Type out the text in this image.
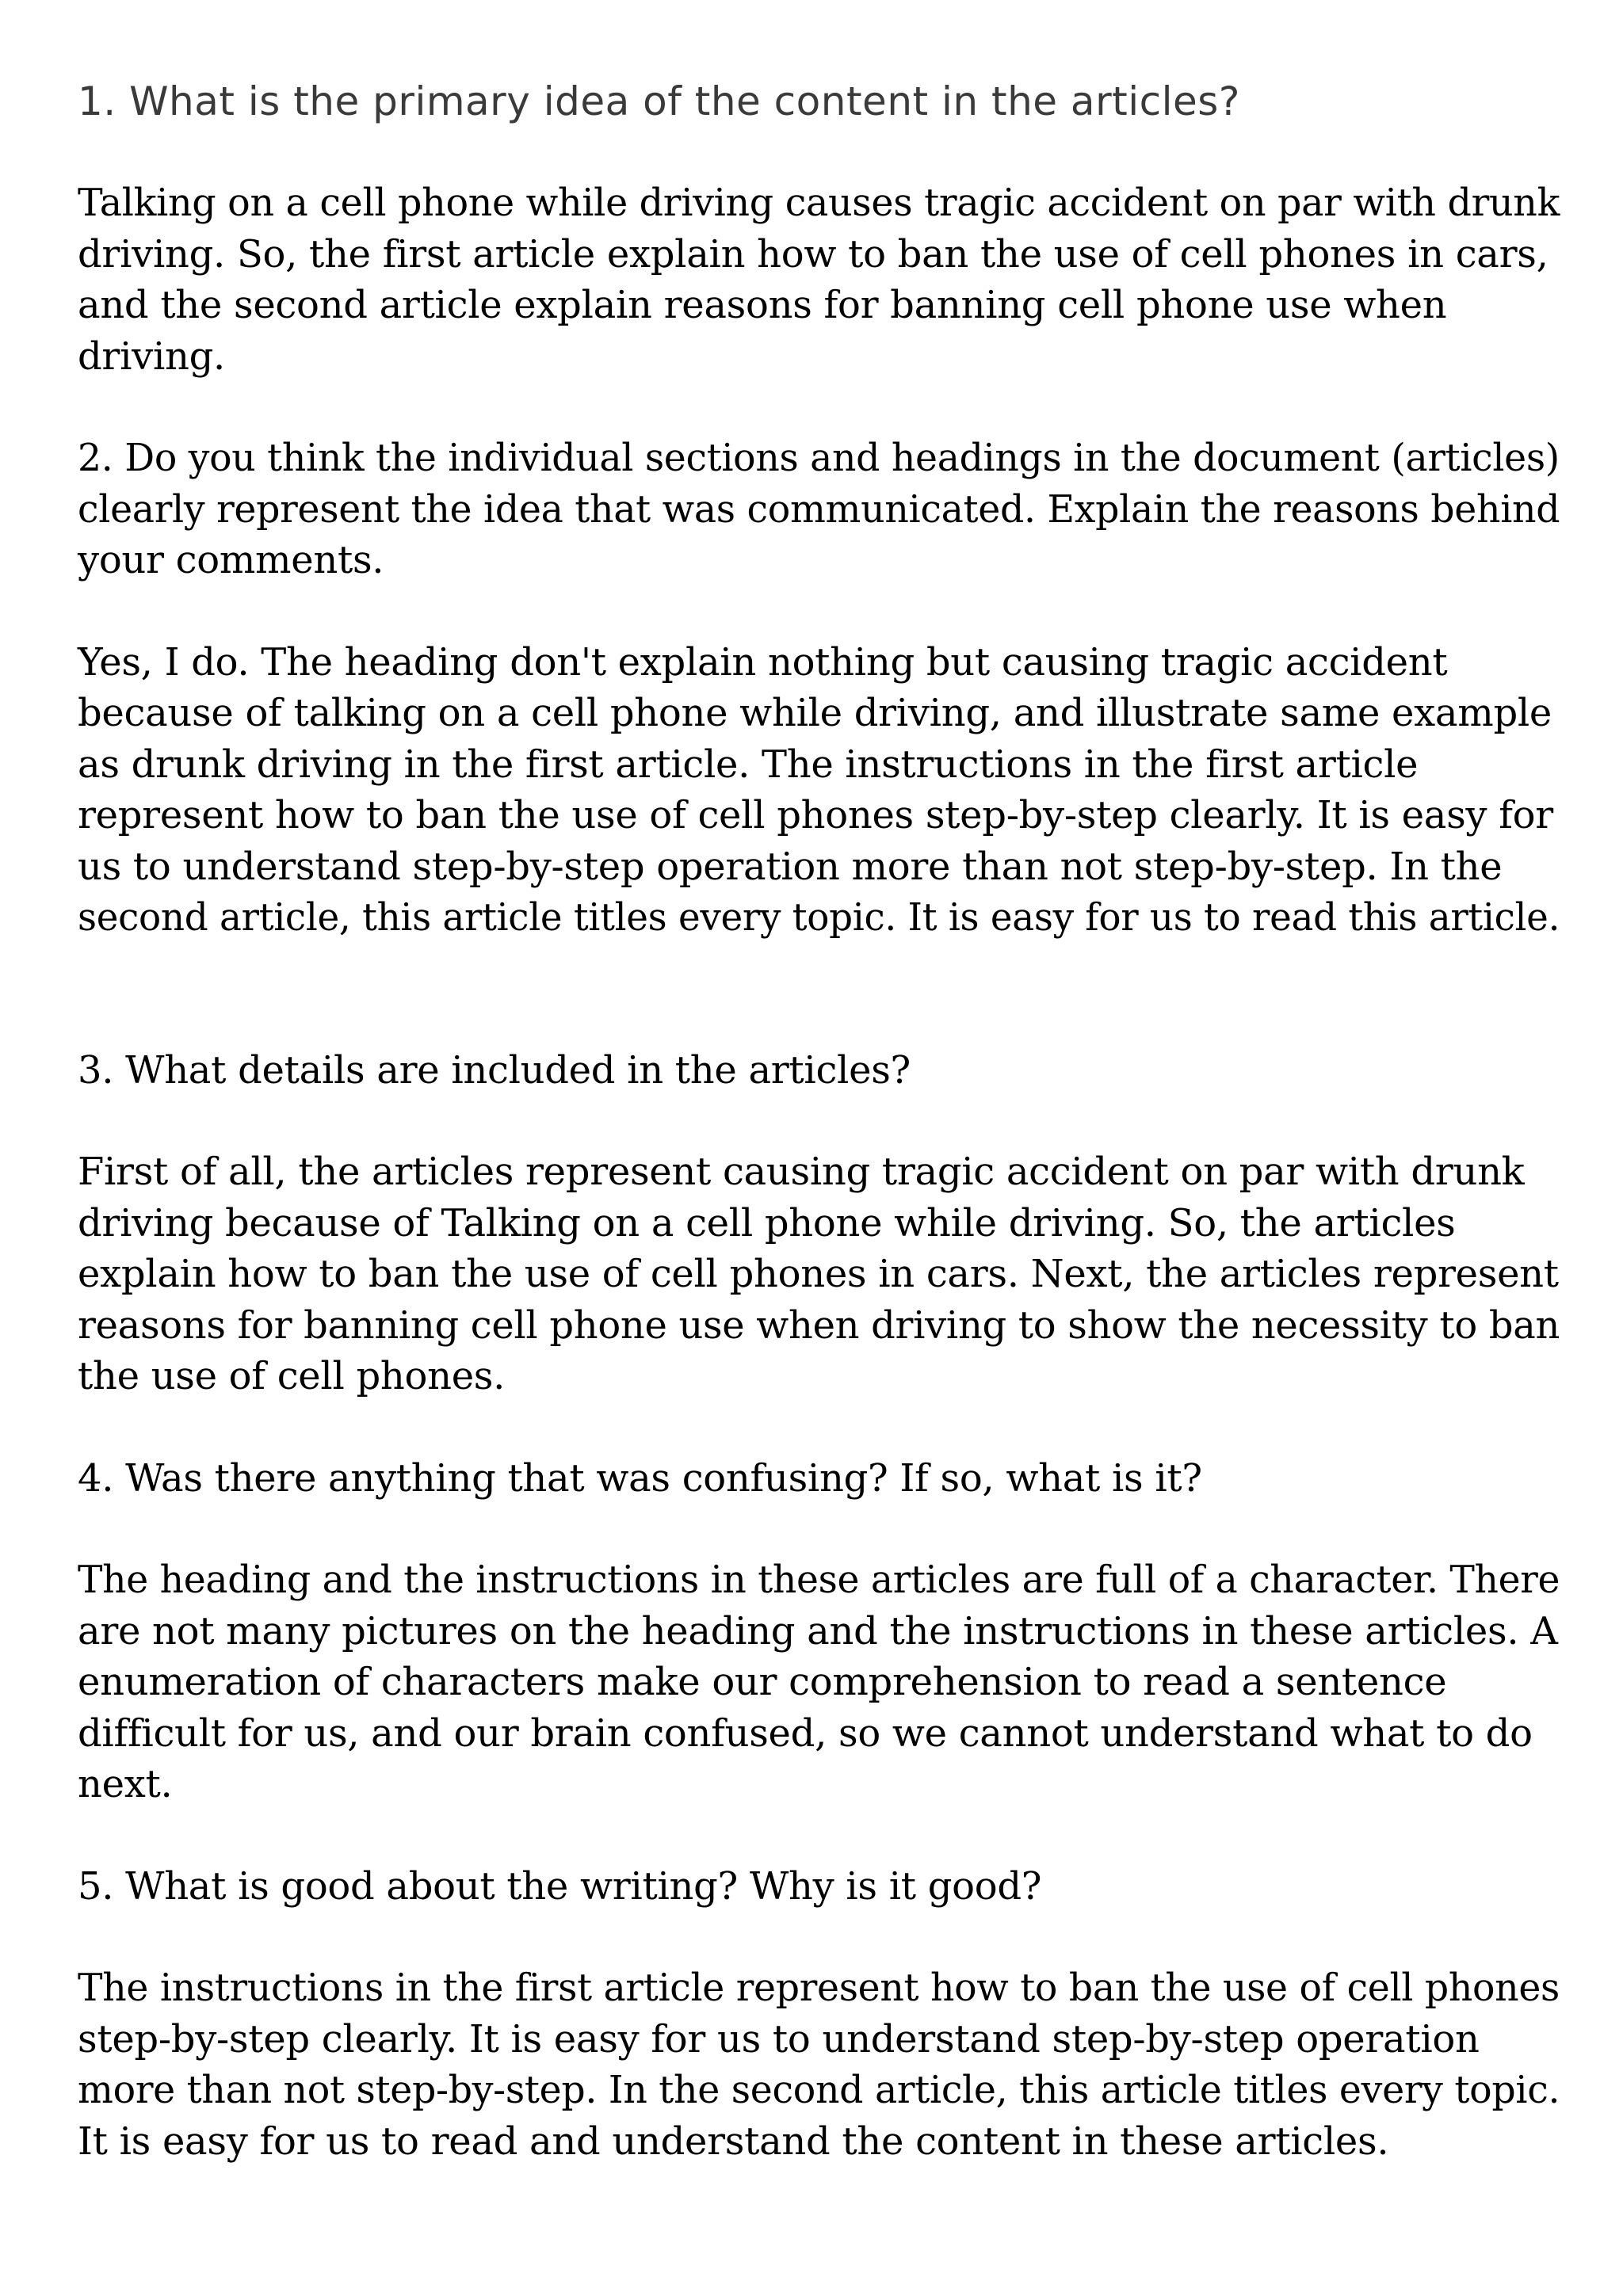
1. What is the primary idea of the content in the articles?

Talking on a cell phone while driving causes tragic accident on par with drunk
driving. So, the first article explain how to ban the use of cell phones in cars,
and the second article explain reasons for banning cell phone use when
driving.

2. Do you think the individual sections and headings in the document (articles)
clearly represent the idea that was communicated. Explain the reasons behind
your comments.

Yes, I do. The heading don't explain nothing but causing tragic accident
because of talking on a cell phone while driving, and illustrate same example
as drunk driving in the first article. The instructions in the first article
represent how to ban the use of cell phones step-by-step clearly. It is easy for
us to understand step-by-step operation more than not step-by-step. In the
second article, this article titles every topic. It is easy for us to read this article.

3. What details are included in the articles?

First of all, the articles represent causing tragic accident on par with drunk
driving because of Talking on a cell phone while driving. So, the articles
explain how to ban the use of cell phones in cars. Next, the articles represent
reasons for banning cell phone use when driving to show the necessity to ban
the use of cell phones.

4. Was there anything that was confusing? If so, what is it?

The heading and the instructions in these articles are full of a character. There
are not many pictures on the heading and the instructions in these articles. A
enumeration of characters make our comprehension to read a sentence
difficult for us, and our brain confused, so we cannot understand what to do
next.

5. What is good about the writing? Why is it good?

The instructions in the first article represent how to ban the use of cell phones
step-by-step clearly. It is easy for us to understand step-by-step operation
more than not step-by-step. In the second article, this article titles every topic.
It is easy for us to read and understand the content in these articles.
